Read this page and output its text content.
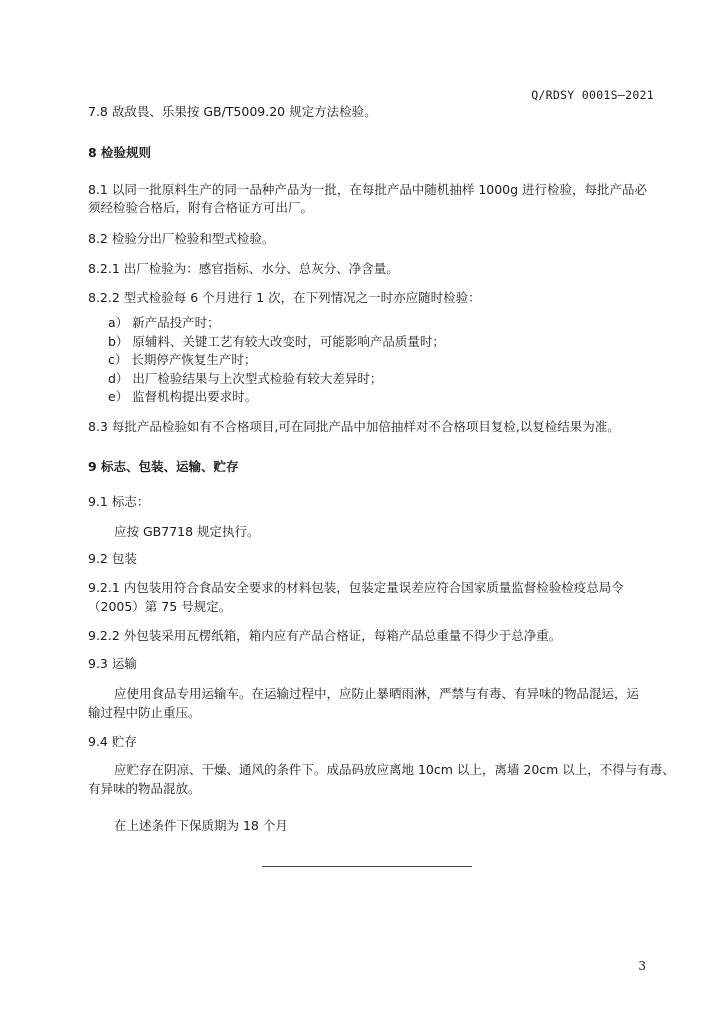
Q/RDSY 0001S—2021
7.8 敌敌畏、乐果按 GB/T5009.20 规定方法检验。
8 检验规则
8.1 以同一批原料生产的同一品种产品为一批，在每批产品中随机抽样 1000g 进行检验，每批产品必
须经检验合格后，附有合格证方可出厂。
8.2 检验分出厂检验和型式检验。
8.2.1 出厂检验为：感官指标、水分、总灰分、净含量。
8.2.2 型式检验每 6 个月进行 1 次，在下列情况之一时亦应随时检验：
a） 新产品投产时；
b） 原辅料、关键工艺有较大改变时，可能影响产品质量时；
c） 长期停产恢复生产时；
d） 出厂检验结果与上次型式检验有较大差异时；
e） 监督机构提出要求时。
8.3 每批产品检验如有不合格项目,可在同批产品中加倍抽样对不合格项目复检,以复检结果为准。
9 标志、包装、运输、贮存
9.1 标志：
应按 GB7718 规定执行。
9.2 包装
9.2.1 内包装用符合食品安全要求的材料包装，包装定量误差应符合国家质量监督检验检疫总局令
（2005）第 75 号规定。
9.2.2 外包装采用瓦楞纸箱，箱内应有产品合格证，每箱产品总重量不得少于总净重。
9.3 运输
应使用食品专用运输车。在运输过程中，应防止暴晒雨淋，严禁与有毒、有异味的物品混运，运
输过程中防止重压。
9.4 贮存
应贮存在阴凉、干燥、通风的条件下。成品码放应离地 10cm 以上，离墙 20cm 以上，不得与有毒、
有异味的物品混放。
在上述条件下保质期为 18 个月
3
